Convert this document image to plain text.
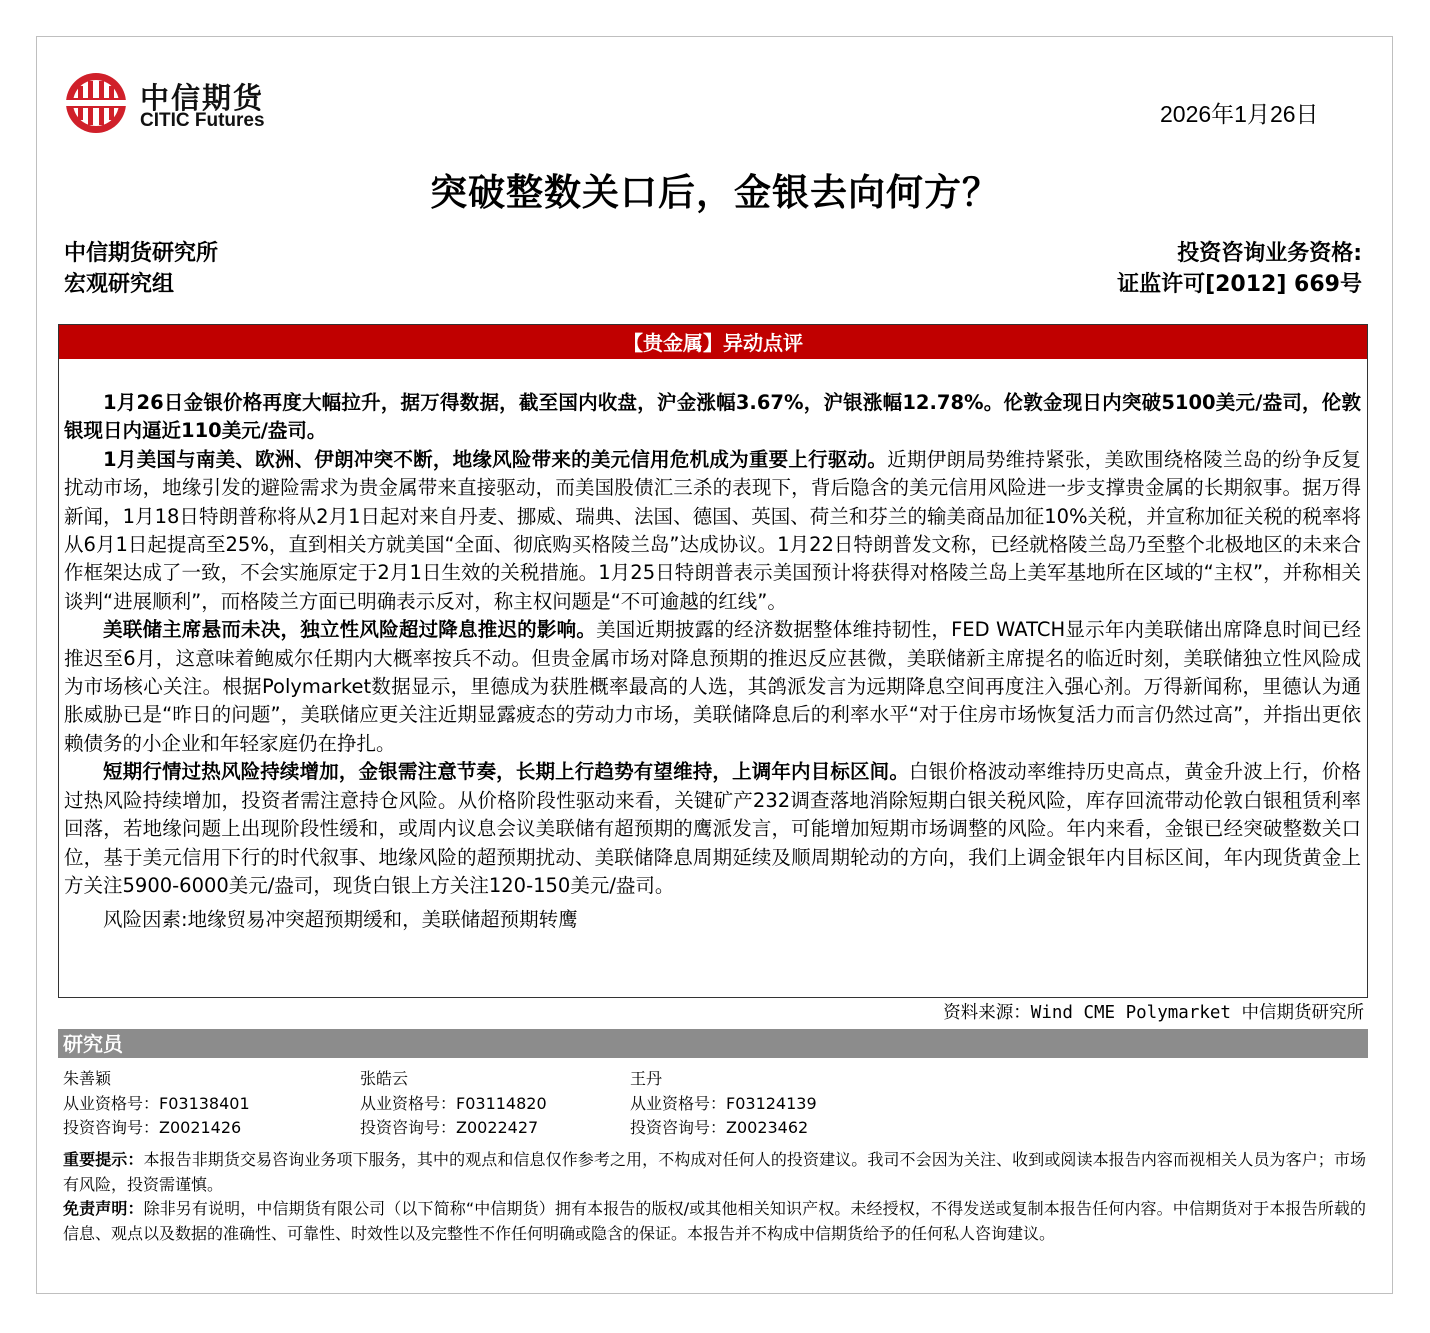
中信期货
CITIC Futures	2026年1月26日
突破整数关口后，金银去向何方？
中信期货研究所
宏观研究组
投资咨询业务资格:
证监许可[2012] 669号
【贵金属】异动点评

1月26日金银价格再度大幅拉升，据万得数据，截至国内收盘，沪金涨幅3.67%，沪银涨幅12.78%。伦敦金现日内突破5100美元/盎司，伦敦银现日内逼近110美元/盎司。

1月美国与南美、欧洲、伊朗冲突不断，地缘风险带来的美元信用危机成为重要上行驱动。近期伊朗局势维持紧张，美欧围绕格陵兰岛的纷争反复扰动市场，地缘引发的避险需求为贵金属带来直接驱动，而美国股债汇三杀的表现下，背后隐含的美元信用风险进一步支撑贵金属的长期叙事。据万得新闻，1月18日特朗普称将从2月1日起对来自丹麦、挪威、瑞典、法国、德国、英国、荷兰和芬兰的输美商品加征10%关税，并宣称加征关税的税率将从6月1日起提高至25%，直到相关方就美国“全面、彻底购买格陵兰岛”达成协议。1月22日特朗普发文称，已经就格陵兰岛乃至整个北极地区的未来合作框架达成了一致，不会实施原定于2月1日生效的关税措施。1月25日特朗普表示美国预计将获得对格陵兰岛上美军基地所在区域的“主权”，并称相关谈判“进展顺利”，而格陵兰方面已明确表示反对，称主权问题是“不可逾越的红线”。

美联储主席悬而未决，独立性风险超过降息推迟的影响。美国近期披露的经济数据整体维持韧性，FED WATCH显示年内美联储出席降息时间已经推迟至6月，这意味着鲍威尔任期内大概率按兵不动。但贵金属市场对降息预期的推迟反应甚微，美联储新主席提名的临近时刻，美联储独立性风险成为市场核心关注。根据Polymarket数据显示，里德成为获胜概率最高的人选，其鸽派发言为远期降息空间再度注入强心剂。万得新闻称，里德认为通胀威胁已是“昨日的问题”，美联储应更关注近期显露疲态的劳动力市场，美联储降息后的利率水平“对于住房市场恢复活力而言仍然过高”，并指出更依赖债务的小企业和年轻家庭仍在挣扎。

短期行情过热风险持续增加，金银需注意节奏，长期上行趋势有望维持，上调年内目标区间。白银价格波动率维持历史高点，黄金升波上行，价格过热风险持续增加，投资者需注意持仓风险。从价格阶段性驱动来看，关键矿产232调查落地消除短期白银关税风险，库存回流带动伦敦白银租赁利率回落，若地缘问题上出现阶段性缓和，或周内议息会议美联储有超预期的鹰派发言，可能增加短期市场调整的风险。年内来看，金银已经突破整数关口位，基于美元信用下行的时代叙事、地缘风险的超预期扰动、美联储降息周期延续及顺周期轮动的方向，我们上调金银年内目标区间，年内现货黄金上方关注5900-6000美元/盎司，现货白银上方关注120-150美元/盎司。

风险因素:地缘贸易冲突超预期缓和，美联储超预期转鹰

资料来源：Wind CME Polymarket 中信期货研究所
研究员
朱善颖
从业资格号：F03138401
投资咨询号：Z0021426
张皓云
从业资格号：F03114820
投资咨询号：Z0022427
王丹
从业资格号：F03124139
投资咨询号：Z0023462
重要提示：本报告非期货交易咨询业务项下服务，其中的观点和信息仅作参考之用，不构成对任何人的投资建议。我司不会因为关注、收到或阅读本报告内容而视相关人员为客户；市场有风险，投资需谨慎。
免责声明：除非另有说明，中信期货有限公司（以下简称“中信期货）拥有本报告的版权/或其他相关知识产权。未经授权，不得发送或复制本报告任何内容。中信期货对于本报告所载的信息、观点以及数据的准确性、可靠性、时效性以及完整性不作任何明确或隐含的保证。本报告并不构成中信期货给予的任何私人咨询建议。
